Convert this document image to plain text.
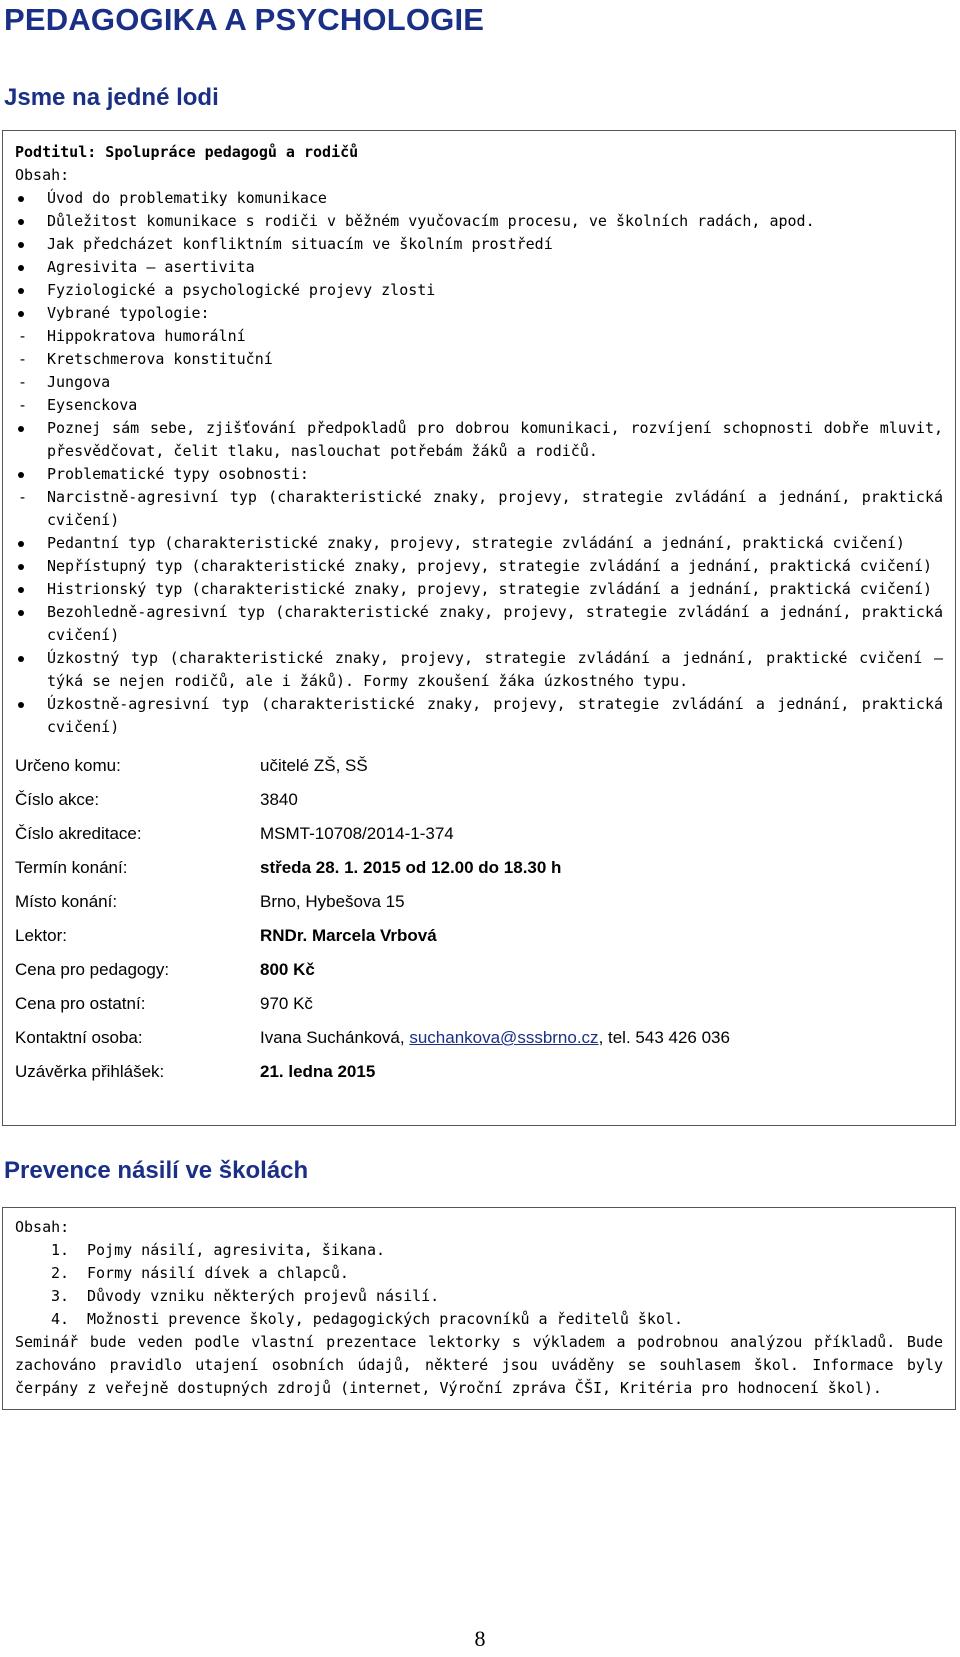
PEDAGOGIKA A PSYCHOLOGIE
Jsme na jedné lodi
Podtitul: Spolupráce pedagogů a rodičů
Obsah:
Úvod do problematiky komunikace
Důležitost komunikace s rodiči v běžném vyučovacím procesu, ve školních radách, apod.
Jak předcházet konfliktním situacím ve školním prostředí
Agresivita – asertivita
Fyziologické a psychologické projevy zlosti
Vybrané typologie:
- Hippokratova humorální
- Kretschmerova konstituční
- Jungova
- Eysenckova
Poznej sám sebe, zjišťování předpokladů pro dobrou komunikaci, rozvíjení schopnosti dobře mluvit, přesvědčovat, čelit tlaku, naslouchat potřebám žáků a rodičů.
Problematické typy osobnosti:
- Narcistně-agresivní typ (charakteristické znaky, projevy, strategie zvládání a jednání, praktická cvičení)
Pedantní typ (charakteristické znaky, projevy, strategie zvládání a jednání, praktická cvičení)
Nepřístupný typ (charakteristické znaky, projevy, strategie zvládání a jednání, praktická cvičení)
Histrionský typ (charakteristické znaky, projevy, strategie zvládání a jednání, praktická cvičení)
Bezohledně-agresivní typ (charakteristické znaky, projevy, strategie zvládání a jednání, praktická cvičení)
Úzkostný typ (charakteristické znaky, projevy, strategie zvládání a jednání, praktické cvičení – týká se nejen rodičů, ale i žáků). Formy zkoušení žáka úzkostného typu.
Úzkostně-agresivní typ (charakteristické znaky, projevy, strategie zvládání a jednání, praktická cvičení)
Určeno komu:	učitelé ZŠ, SŠ
Číslo akce:	3840
Číslo akreditace:	MSMT-10708/2014-1-374
Termín konání:	středa 28. 1. 2015 od 12.00 do 18.30 h
Místo konání:	Brno, Hybešova 15
Lektor:	RNDr. Marcela Vrbová
Cena pro pedagogy:	800 Kč
Cena pro ostatní:	970 Kč
Kontaktní osoba:	Ivana Suchánková, suchankova@sssbrno.cz, tel. 543 426 036
Uzávěrka přihlášek:	21. ledna 2015
Prevence násilí ve školách
Obsah:
1. Pojmy násilí, agresivita, šikana.
2. Formy násilí dívek a chlapců.
3. Důvody vzniku některých projevů násilí.
4. Možnosti prevence školy, pedagogických pracovníků a ředitelů škol.
Seminář bude veden podle vlastní prezentace lektorky s výkladem a podrobnou analýzou příkladů. Bude zachováno pravidlo utajení osobních údajů, některé jsou uváděny se souhlasem škol. Informace byly čerpány z veřejně dostupných zdrojů (internet, Výroční zpráva ČŠI, Kritéria pro hodnocení škol).
8
